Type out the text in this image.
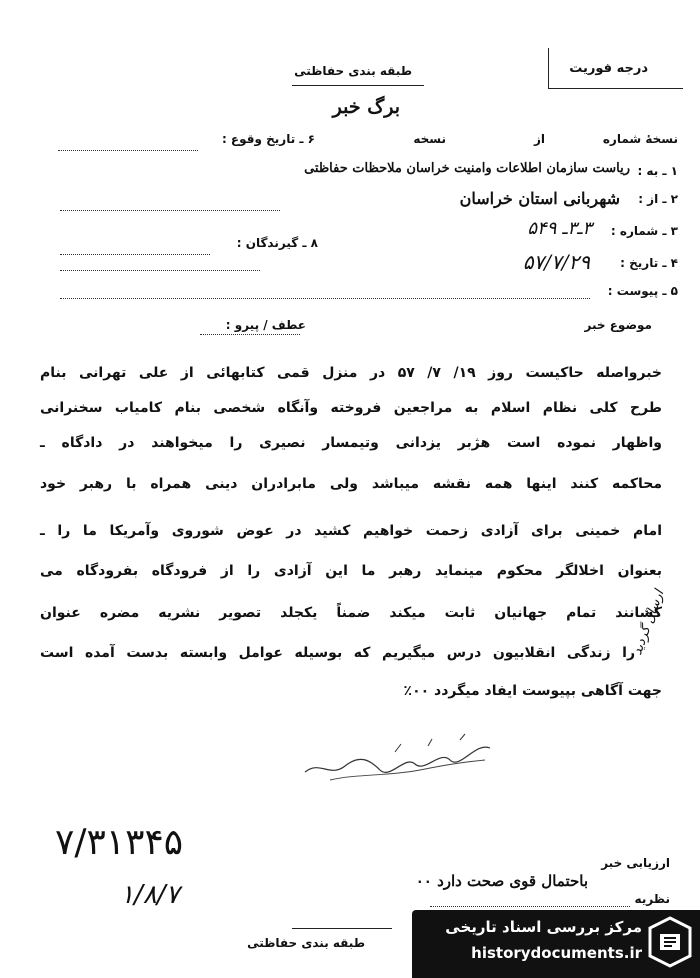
درجه فوریت
طبقه بندی حفاظتی
برگ خبر
نسخهٔ شماره
از
نسخه
۶ ـ تاریخ وقوع :
۱ ـ به :
ریاست سازمان اطلاعات وامنیت خراسان ملاحظات حفاظتی
۲ ـ از :
شهربانی استان خراسان
۳ ـ شماره :
۳ـ۳ـ ۵۴۹
۸ ـ گیرندگان :
۴ ـ تاریخ :
۵۷/۷/۲۹
۵ ـ پیوست :
موضوع خبر
عطف / پیرو :
خبرواصله حاکیست روز ۱۹/ ۷/ ۵۷ در منزل قمی کتابهائی از علی تهرانی بنام
طرح کلی نظام اسلام به مراجعین فروخته وآنگاه شخصی بنام کامیاب سخنرانی
واظهار نموده است هژبر یزدانی وتیمسار نصیری را میخواهند در دادگاه ـ
محاکمه کنند اینها همه نقشه میباشد ولی مابرادران دینی همراه با رهبر خود
امام خمینی برای آزادی زحمت خواهیم کشید در عوض شوروی وآمریکا ما را ـ
بعنوان اخلالگر محکوم مینماید رهبر ما این آزادی را از فرودگاه بفرودگاه می
کشانند تمام جهانیان ثابت میکند ضمناً یکجلد تصویر نشریه مضره عنوان
را زندگی انقلابیون درس میگیریم که بوسیله عوامل وابسته بدست آمده است
جهت آگاهی بپیوست ایفاد میگردد ۰۰٪
ارسال گردید
۷/۳۱۳۴۵
۱/۸/۷
ارزیابی خبر
باحتمال قوی صحت دارد ۰۰
نظریه
طبقه بندی حفاظتی
مرکز بررسی اسناد تاریخی
historydocuments.ir
